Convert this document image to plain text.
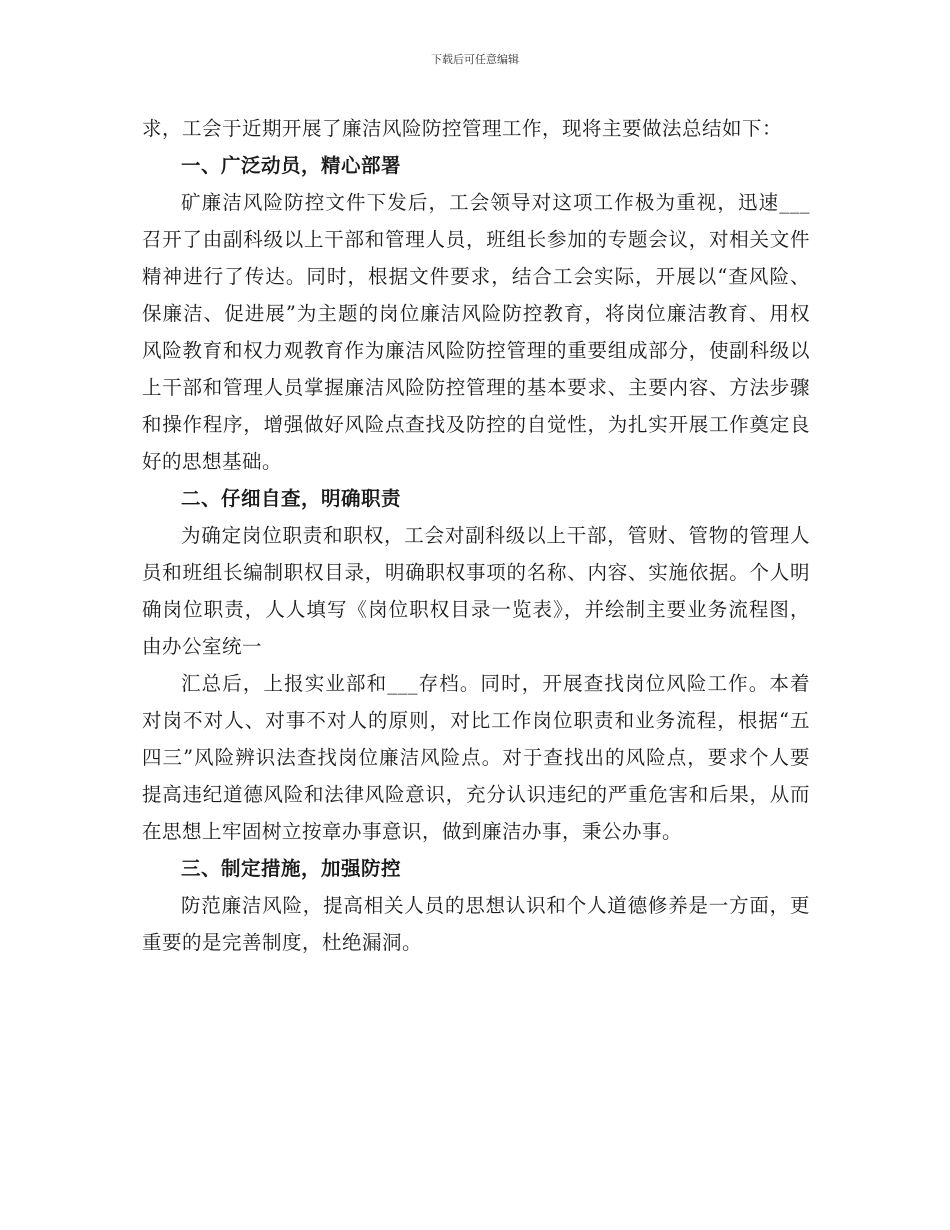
下载后可任意编辑

求，工会于近期开展了廉洁风险防控管理工作，现将主要做法总结如下：

一、广泛动员，精心部署

矿廉洁风险防控文件下发后，工会领导对这项工作极为重视，迅速___召开了由副科级以上干部和管理人员，班组长参加的专题会议，对相关文件精神进行了传达。同时，根据文件要求，结合工会实际，开展以“查风险、保廉洁、促进展”为主题的岗位廉洁风险防控教育，将岗位廉洁教育、用权风险教育和权力观教育作为廉洁风险防控管理的重要组成部分，使副科级以上干部和管理人员掌握廉洁风险防控管理的基本要求、主要内容、方法步骤和操作程序，增强做好风险点查找及防控的自觉性，为扎实开展工作奠定良好的思想基础。

二、仔细自查，明确职责

为确定岗位职责和职权，工会对副科级以上干部，管财、管物的管理人员和班组长编制职权目录，明确职权事项的名称、内容、实施依据。个人明确岗位职责，人人填写《岗位职权目录一览表》，并绘制主要业务流程图，由办公室统一

汇总后，上报实业部和___存档。同时，开展查找岗位风险工作。本着对岗不对人、对事不对人的原则，对比工作岗位职责和业务流程，根据“五四三”风险辨识法查找岗位廉洁风险点。对于查找出的风险点，要求个人要提高违纪道德风险和法律风险意识，充分认识违纪的严重危害和后果，从而在思想上牢固树立按章办事意识，做到廉洁办事，秉公办事。

三、制定措施，加强防控

防范廉洁风险，提高相关人员的思想认识和个人道德修养是一方面，更重要的是完善制度，杜绝漏洞。
